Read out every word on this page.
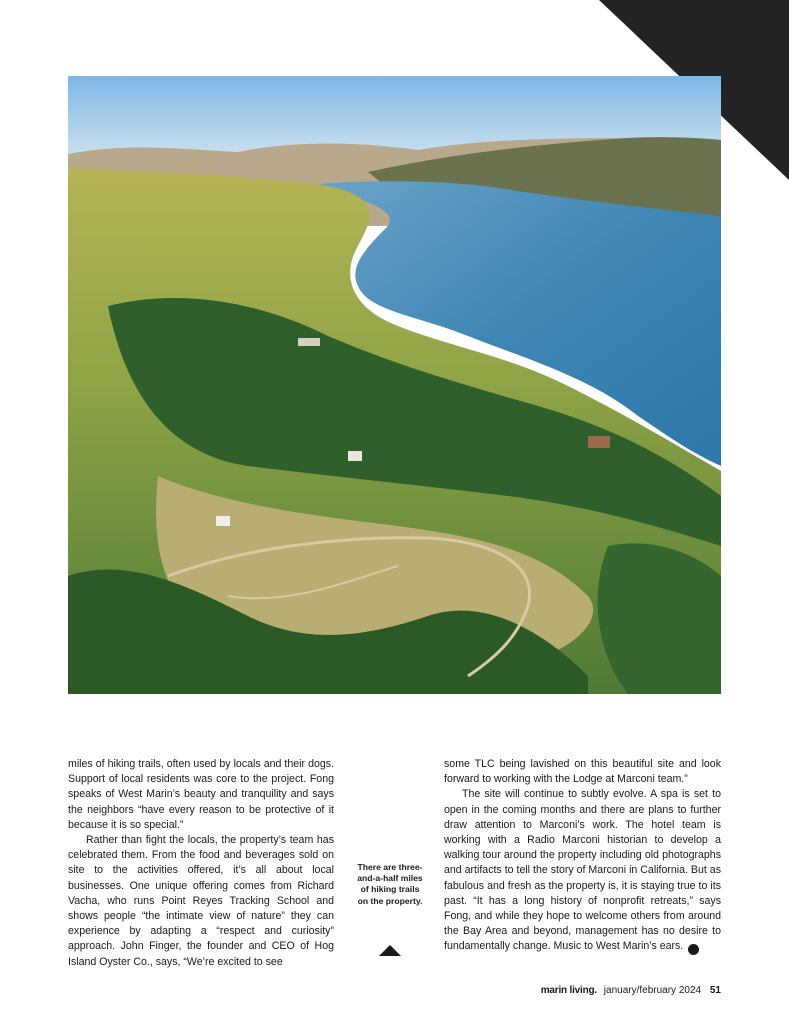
miles of hiking trails, often used by locals and their dogs. Support of local residents was core to the project. Fong speaks of West Marin’s beauty and tranquility and says the neighbors “have every reason to be protective of it because it is so special.”

Rather than fight the locals, the property’s team has celebrated them. From the food and beverages sold on site to the activities offered, it’s all about local businesses. One unique offering comes from Richard Vacha, who runs Point Reyes Tracking School and shows people “the intimate view of nature” they can experience by adapting a “respect and curiosity” approach. John Finger, the founder and CEO of Hog Island Oyster Co., says, “We’re excited to see

There are three-and-a-half miles of hiking trails on the property.

some TLC being lavished on this beautiful site and look forward to working with the Lodge at Marconi team.”

The site will continue to subtly evolve. A spa is set to open in the coming months and there are plans to further draw attention to Marconi’s work. The hotel team is working with a Radio Marconi historian to develop a walking tour around the property including old photographs and artifacts to tell the story of Marconi in California. But as fabulous and fresh as the property is, it is staying true to its past. “It has a long history of nonprofit retreats,” says Fong, and while they hope to welcome others from around the Bay Area and beyond, management has no desire to fundamentally change. Music to West Marin’s ears.	ml

marin living. january/february 2024 51
